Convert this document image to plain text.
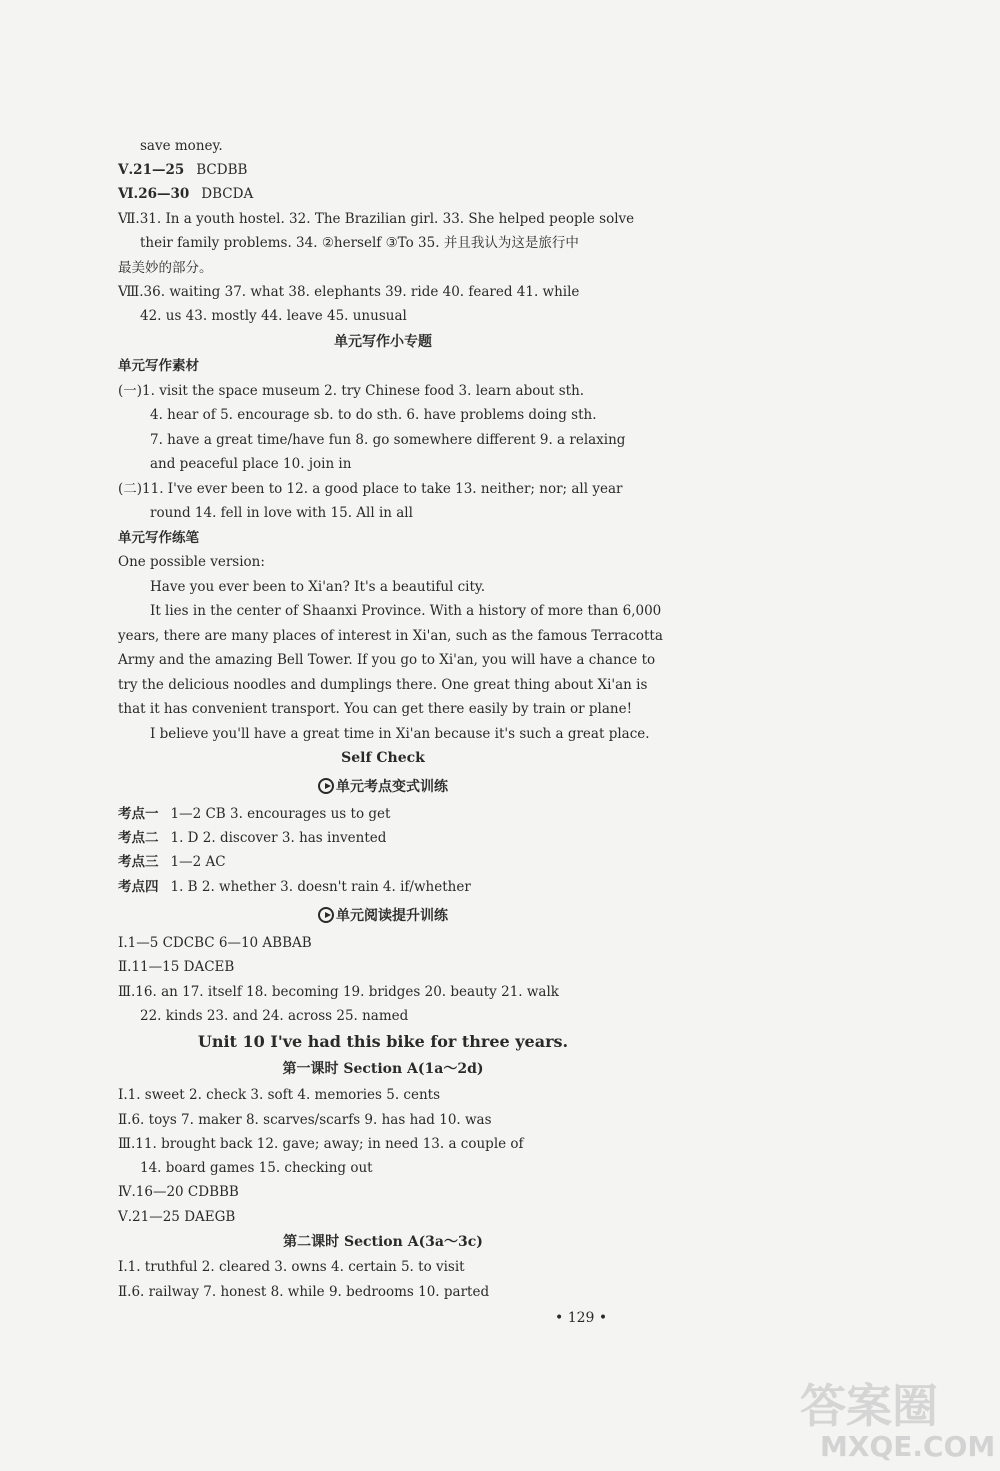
save money.
Ⅴ.21—25 BCDBB
Ⅵ.26—30 DBCDA
Ⅶ.31. In a youth hostel. 32. The Brazilian girl. 33. She helped people solve
their family problems. 34. ②herself ③To 35. 并且我认为这是旅行中
最美妙的部分。
Ⅷ.36. waiting 37. what 38. elephants 39. ride 40. feared 41. while
42. us 43. mostly 44. leave 45. unusual
单元写作小专题
单元写作素材
(一)1. visit the space museum 2. try Chinese food 3. learn about sth.
4. hear of 5. encourage sb. to do sth. 6. have problems doing sth.
7. have a great time/have fun 8. go somewhere different 9. a relaxing
and peaceful place 10. join in
(二)11. I've ever been to 12. a good place to take 13. neither; nor; all year
round 14. fell in love with 15. All in all
单元写作练笔
One possible version:
Have you ever been to Xi'an? It's a beautiful city.
It lies in the center of Shaanxi Province. With a history of more than 6,000
years, there are many places of interest in Xi'an, such as the famous Terracotta
Army and the amazing Bell Tower. If you go to Xi'an, you will have a chance to
try the delicious noodles and dumplings there. One great thing about Xi'an is
that it has convenient transport. You can get there easily by train or plane!
I believe you'll have a great time in Xi'an because it's such a great place.
Self Check
单元考点变式训练
考点一 1—2 CB 3. encourages us to get
考点二 1. D 2. discover 3. has invented
考点三 1—2 AC
考点四 1. B 2. whether 3. doesn't rain 4. if/whether
单元阅读提升训练
Ⅰ.1—5 CDCBC 6—10 ABBAB
Ⅱ.11—15 DACEB
Ⅲ.16. an 17. itself 18. becoming 19. bridges 20. beauty 21. walk
22. kinds 23. and 24. across 25. named
Unit 10 I've had this bike for three years.
第一课时 Section A(1a～2d)
Ⅰ.1. sweet 2. check 3. soft 4. memories 5. cents
Ⅱ.6. toys 7. maker 8. scarves/scarfs 9. has had 10. was
Ⅲ.11. brought back 12. gave; away; in need 13. a couple of
14. board games 15. checking out
Ⅳ.16—20 CDBBB
Ⅴ.21—25 DAEGB
第二课时 Section A(3a～3c)
Ⅰ.1. truthful 2. cleared 3. owns 4. certain 5. to visit
Ⅱ.6. railway 7. honest 8. while 9. bedrooms 10. parted
• 129 •
答案圈
MXQE.COM
